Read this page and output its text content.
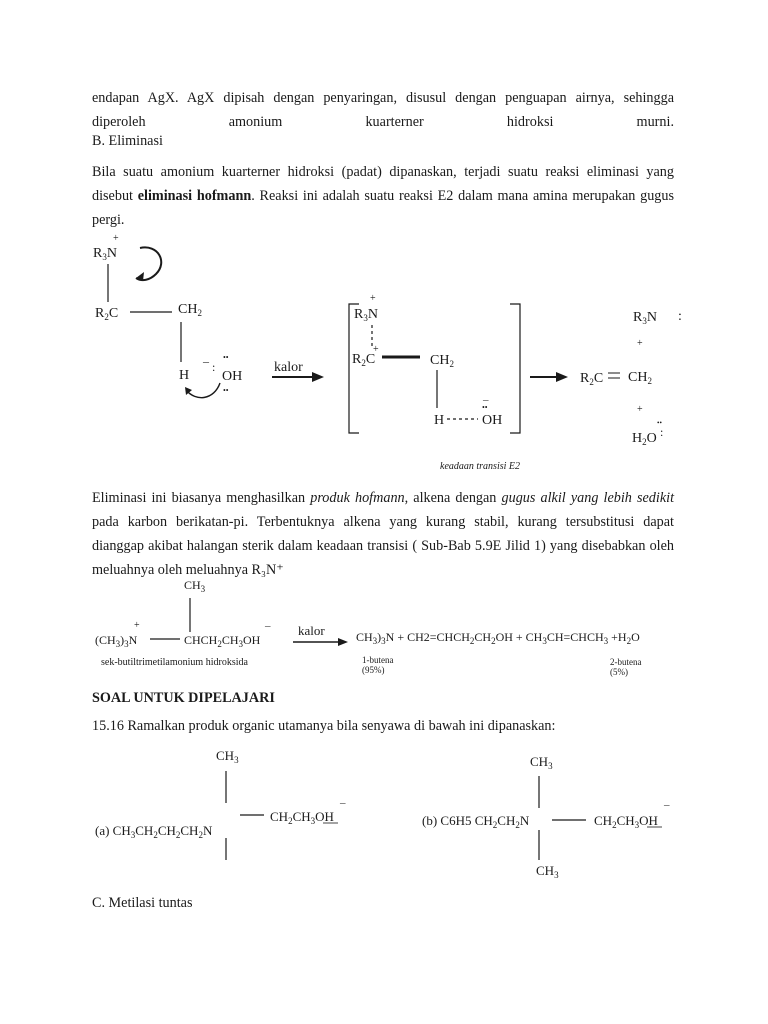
endapan AgX. AgX dipisah dengan penyaringan, disusul dengan penguapan airnya, sehingga diperoleh amonium kuarterner hidroksi murni.

B. Eliminasi

Bila suatu amonium kuarterner hidroksi (padat) dipanaskan, terjadi suatu reaksi eliminasi yang disebut eliminasi hofmann. Reaksi ini adalah suatu reaksi E2 dalam mana amina merupakan gugus pergi.

Eliminasi ini biasanya menghasilkan produk hofmann, alkena dengan gugus alkil yang lebih sedikit pada karbon berikatan-pi. Terbentuknya alkena yang kurang stabil, kurang tersubstitusi dapat dianggap akibat halangan sterik dalam keadaan transisi ( Sub-Bab 5.9E Jilid 1) yang disebabkan oleh meluahnya oleh meluahnya R₃N⁺

SOAL UNTUK DIPELAJARI

15.16 Ramalkan produk organic utamanya bila senyawa di bawah ini dipanaskan:

C. Metilasi tuntas

+
$R_3N$
$R_2C$	$CH_2$
H
– :
••
OH
••
kalor
+
$R_3N$
+
$R_2C$	$CH_2$
H
–
••
OH
keadaan transisi E2
$R_3N$ :
+
$R_2C$ $CH_2$
+
$H_2O$ :
••
$CH_3$
+
$(CH_3)_3N$	$CHCH_2CH_3OH$
–
sek-butiltrimetilamonium hidroksida
kalor	$CH_3)_3N$ + $CH2=CHCH_2CH_2OH$ + $CH_3CH=CHCH_3 +H_2O$
1-butena
(95%)
2-butena
(5%)
$CH_3$
$CH_2CH_3OH$
–
(a) $CH_3CH_2CH_2CH_2N$
$CH_3$
(b) C6H5 $CH_2CH_2N$	$CH_2CH_3OH$
–
$CH_3$
